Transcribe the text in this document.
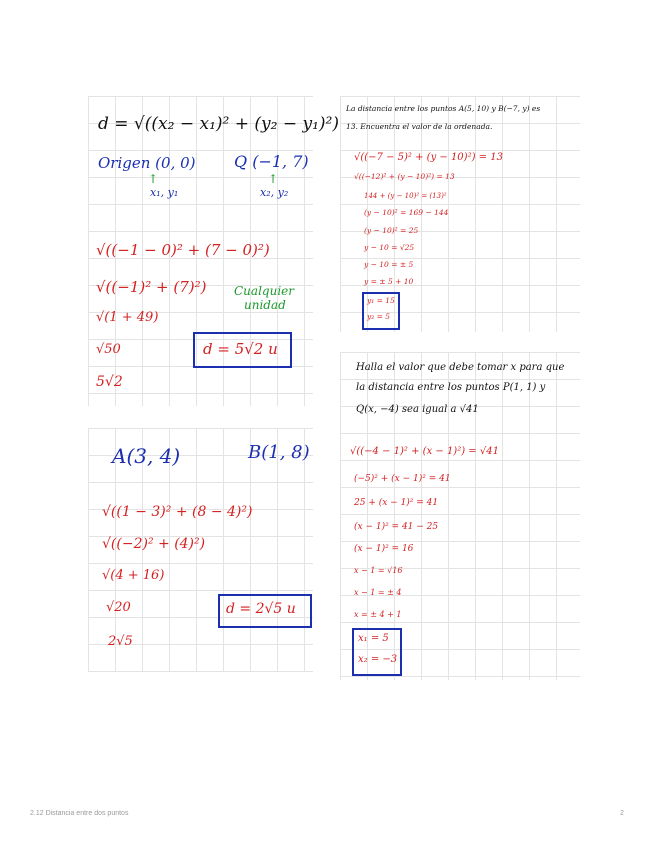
d = √((x₂ − x₁)² + (y₂ − y₁)²)
Origen (0, 0) Q (−1, 7)
↑
x₁, y₁
↑
x₂, y₂
√((−1 − 0)² + (7 − 0)²)
√((−1)² + (7)²)
√(1 + 49)
√50
5√2
Cualquier
unidad
d = 5√2 u
La distancia entre los puntos A(5, 10) y B(−7, y) es
13. Encuentra el valor de la ordenada.
√((−7 − 5)² + (y − 10)²) = 13
√((−12)² + (y − 10)²) = 13
144 + (y − 10)² = (13)²
(y − 10)² = 169 − 144
(y − 10)² = 25
y − 10 = √25
y − 10 = ± 5
y = ± 5 + 10
y₁ = 15
y₂ = 5
A(3, 4)	B(1, 8)
√((1 − 3)² + (8 − 4)²)
√((−2)² + (4)²)
√(4 + 16)
√20
2√5
d = 2√5 u
Halla el valor que debe tomar x para que
la distancia entre los puntos P(1, 1) y
Q(x, −4) sea igual a √41
√((−4 − 1)² + (x − 1)²) = √41
(−5)² + (x − 1)² = 41
25 + (x − 1)² = 41
(x − 1)² = 41 − 25
(x − 1)² = 16
x − 1 = √16
x − 1 = ± 4
x = ± 4 + 1
x₁ = 5
x₂ = −3
2.12 Distancia entre dos puntos	2
